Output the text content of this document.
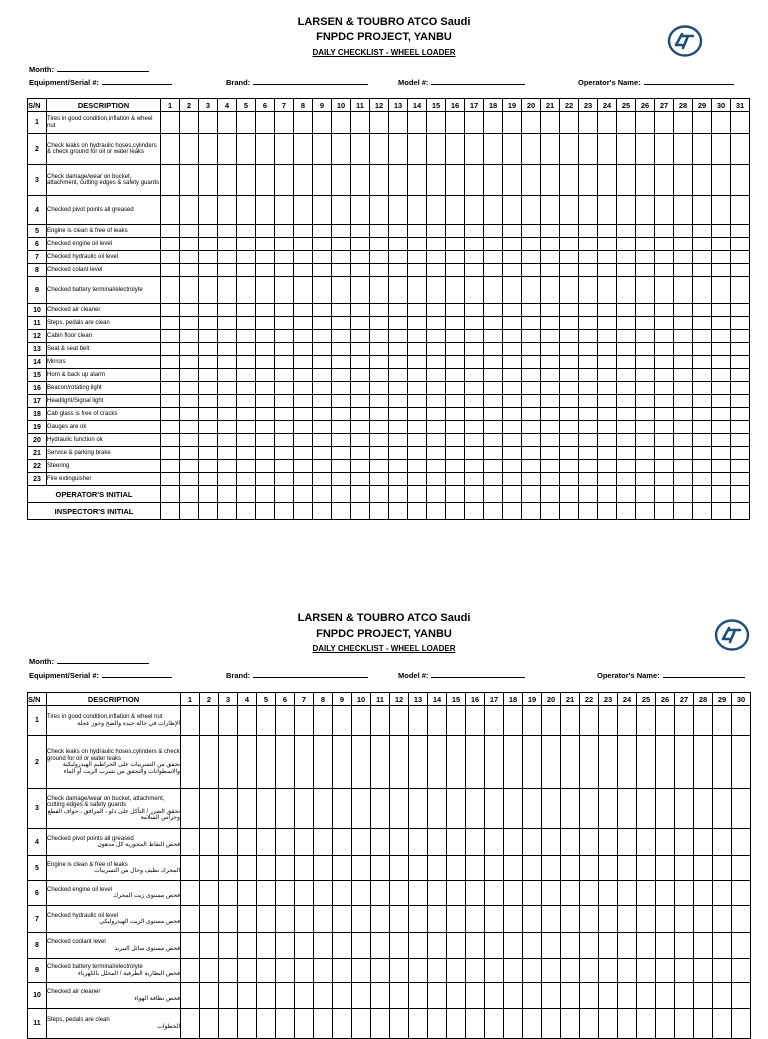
LARSEN & TOUBRO ATCO Saudi
FNPDC PROJECT, YANBU
DAILY CHECKLIST - WHEEL LOADER
Month:
Equipment/Serial #:	Brand:	Model #:	Operator's Name:
S/N	DESCRIPTION	1	2	3	4	5	6	7	8	9	10	11	12	13	14	15	16	17	18	19	20	21	22	23	24	25	26	27	28	29	30	31
1	Tires in good condition,inflation & wheel nut																															

2	Check leaks on hydraulic hoses,cylinders & check ground for oil or water leaks																															

3	Check damage/wear on bucket, attachment, cutting edges & safety guards																															

4	Checked pivot points all greased																															

5	Engine is clean & free of leaks																															

6	Checked engine oil level																															

7	Checked hydraulic oil level																															

8	Checked colant level																															

9	Checked battery terminal/electrolyte																															

10	Checked air cleaner																															

11	Steps, pedals are clean																															

12	Cabin floor clean																															

13	Seat & seat belt																															

14	Mirrors																															

15	Horn & back up alarm																															

16	Beacon/rotating light																															

17	Headlight/Signal light																															

18	Cab glass is free of cracks																															

19	Gauges are ok																															

20	Hydraulic function ok																															

21	Service & parking brake																															

22	Steering																															

23	Fire extinguisher																															

OPERATOR'S INITIAL																																
INSPECTOR'S INITIAL																																
LARSEN & TOUBRO ATCO Saudi
FNPDC PROJECT, YANBU
DAILY CHECKLIST - WHEEL LOADER
Month:
Equipment/Serial #:	Brand:	Model #:	Operator's Name:
S/N	DESCRIPTION	1	2	3	4	5	6	7	8	9	10	11	12	13	14	15	16	17	18	19	20	21	22	23	24	25	26	27	28	29	30
1	Tires in good condition,inflation & wheel nut
الإطارات في حالة جيدة والضخ وجوز عجلة																														

2	Check leaks on hydraulic hoses,cylinders & check ground for oil or water leaks
تحقق من التسريبات على الخراطيم الهيدروليكية والاسطوانات والتحقق من تسرب الزيت أو الماء																														

3	Check damage/wear on bucket, attachment, cutting edges & safety guards
تحقق الضرر / التآكل على دلو ، المرافق ، حواف القطع وحراس السلامة																														

4	Checked pivot points all greased
فحص النقاط المحورية كل مدهون																														

5	Engine is clean & free of leaks
المحرك نظيف وخال من التسريبات																														

6	Checked engine oil level
فحص مستوى زيت المحرك																														

7	Checked hydraulic oil level
فحص مستوى الزيت الهيدروليكي																														

8	Checked coolant level
فحص مستوى سائل التبريد																														

9	Checked battery terminal/electrolyte
فحص البطارية الطرفية / المحلل بالكهرباء																														

10	Checked air cleaner
فحص نظافة الهواء																														

11	Steps, pedals are clean
الخطوات																														
